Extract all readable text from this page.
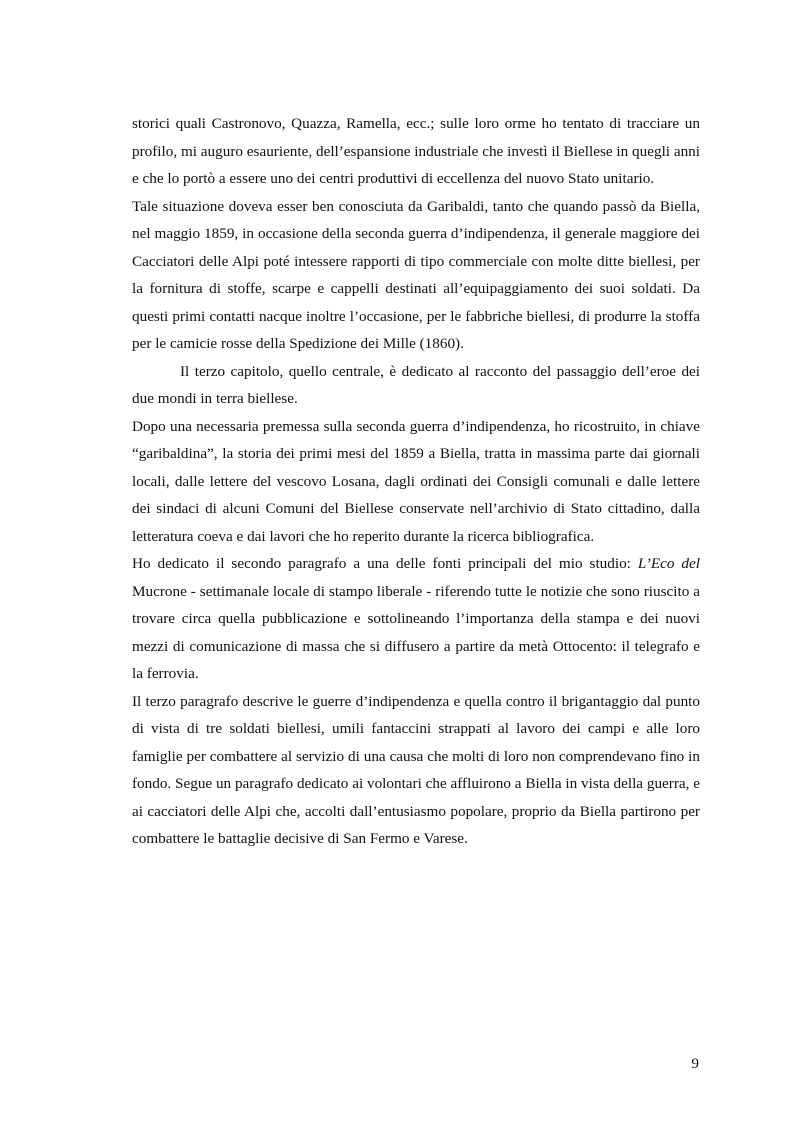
storici quali Castronovo, Quazza, Ramella, ecc.; sulle loro orme ho tentato di tracciare un profilo, mi auguro esauriente, dell’espansione industriale che investì il Biellese in quegli anni e che lo portò a essere uno dei centri produttivi di eccellenza del nuovo Stato unitario.

Tale situazione doveva esser ben conosciuta da Garibaldi, tanto che quando passò da Biella, nel maggio 1859, in occasione della seconda guerra d’indipendenza, il generale maggiore dei Cacciatori delle Alpi poté intessere rapporti di tipo commerciale con molte ditte biellesi, per la fornitura di stoffe, scarpe e cappelli destinati all’equipaggiamento dei suoi soldati. Da questi primi contatti nacque inoltre l’occasione, per le fabbriche biellesi, di produrre la stoffa per le camicie rosse della Spedizione dei Mille (1860).

Il terzo capitolo, quello centrale, è dedicato al racconto del passaggio dell’eroe dei due mondi in terra biellese.

Dopo una necessaria premessa sulla seconda guerra d’indipendenza, ho ricostruito, in chiave “garibaldina”, la storia dei primi mesi del 1859 a Biella, tratta in massima parte dai giornali locali, dalle lettere del vescovo Losana, dagli ordinati dei Consigli comunali e dalle lettere dei sindaci di alcuni Comuni del Biellese conservate nell’archivio di Stato cittadino, dalla letteratura coeva e dai lavori che ho reperito durante la ricerca bibliografica.

Ho dedicato il secondo paragrafo a una delle fonti principali del mio studio: L’Eco del Mucrone - settimanale locale di stampo liberale - riferendo tutte le notizie che sono riuscito a trovare circa quella pubblicazione e sottolineando l’importanza della stampa e dei nuovi mezzi di comunicazione di massa che si diffusero a partire da metà Ottocento: il telegrafo e la ferrovia.

Il terzo paragrafo descrive le guerre d’indipendenza e quella contro il brigantaggio dal punto di vista di tre soldati biellesi, umili fantaccini strappati al lavoro dei campi e alle loro famiglie per combattere al servizio di una causa che molti di loro non comprendevano fino in fondo. Segue un paragrafo dedicato ai volontari che affluirono a Biella in vista della guerra, e ai cacciatori delle Alpi che, accolti dall’entusiasmo popolare, proprio da Biella partirono per combattere le battaglie decisive di San Fermo e Varese.

9
